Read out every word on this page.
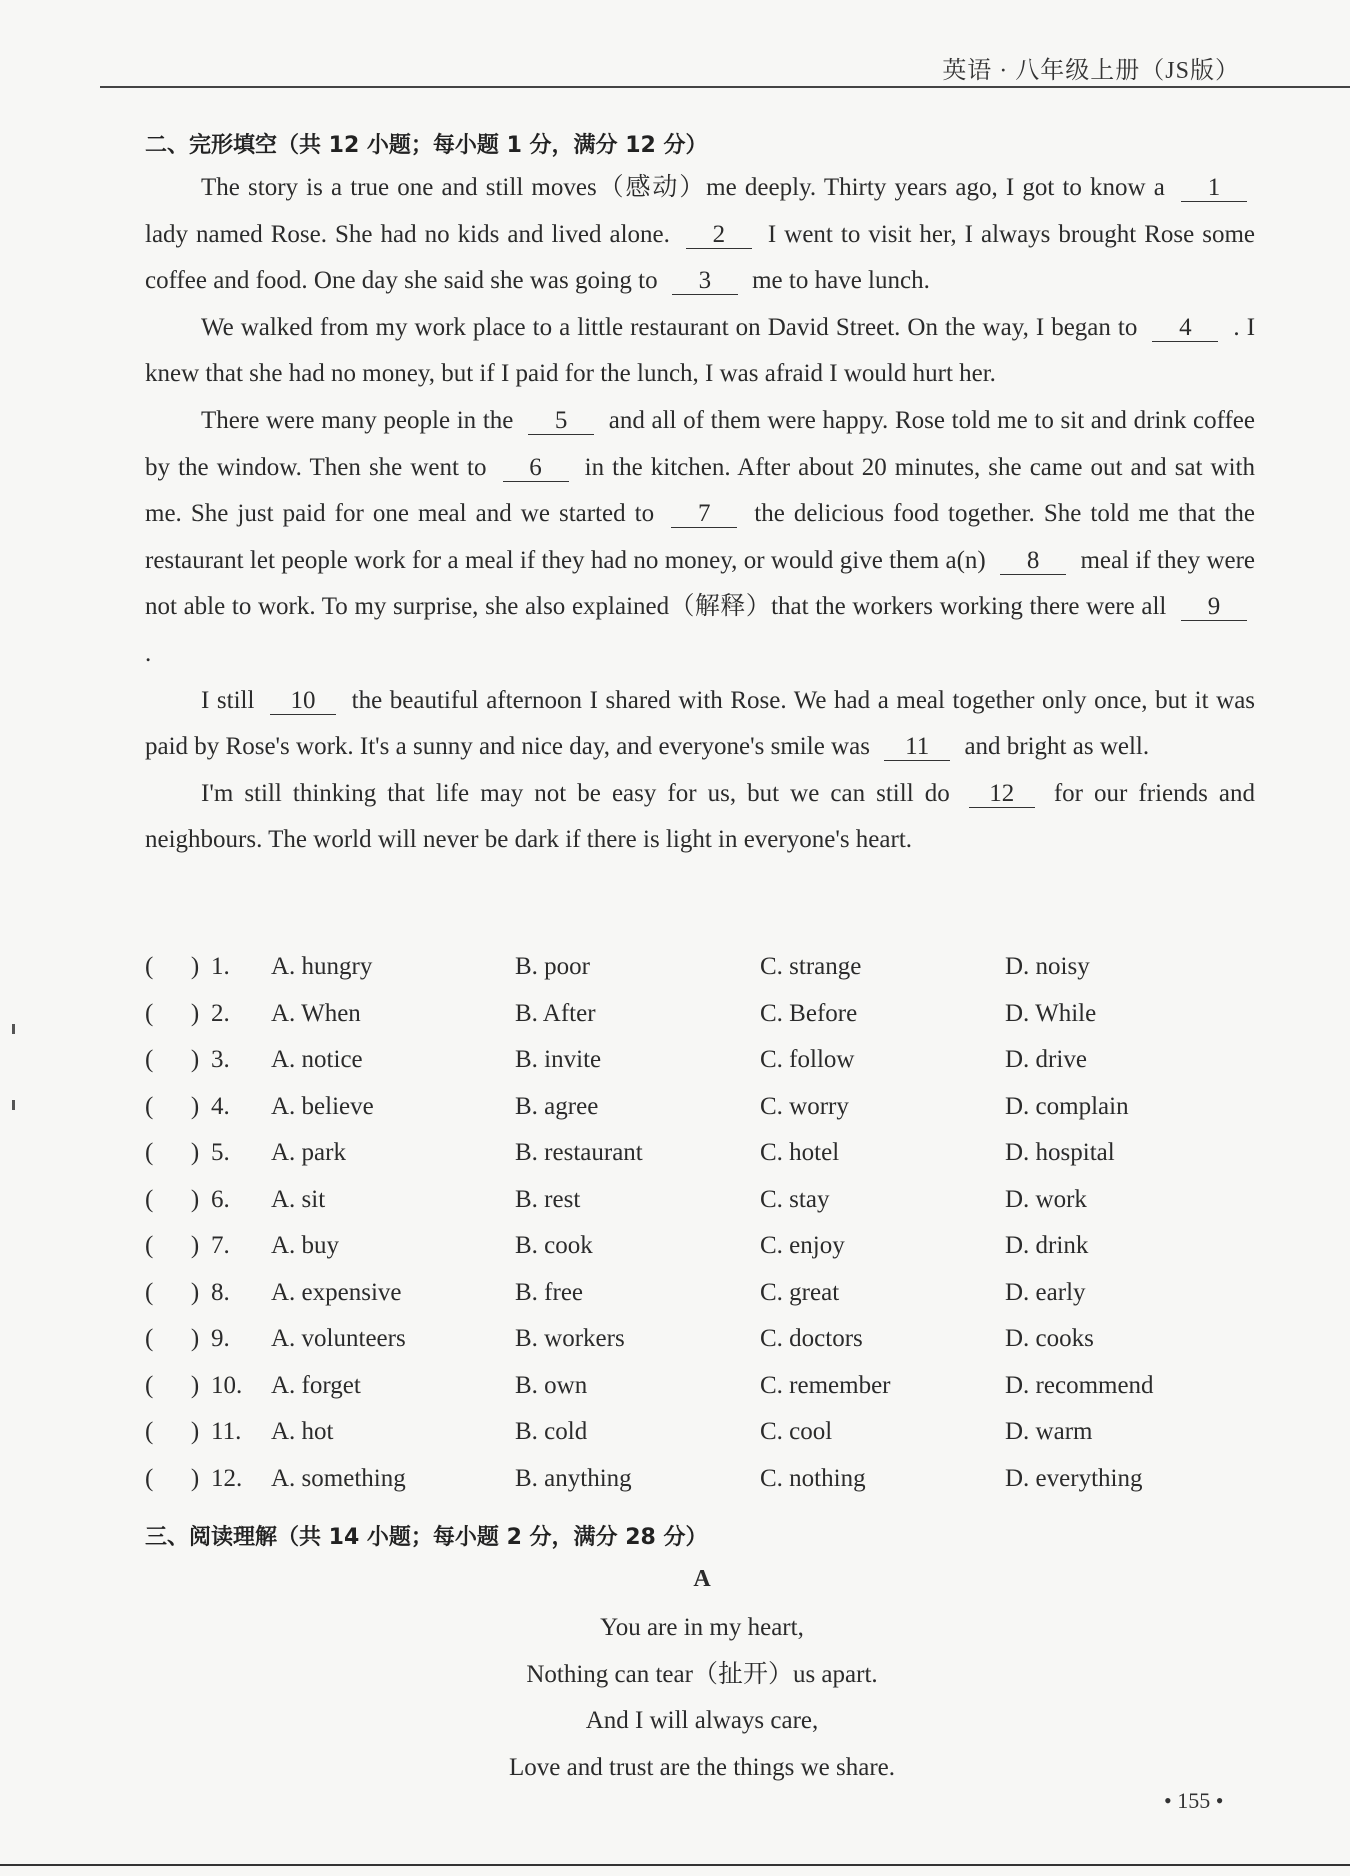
英语 · 八年级上册（JS版）
二、完形填空（共 12 小题；每小题 1 分，满分 12 分）

The story is a true one and still moves（感动）me deeply. Thirty years ago, I got to know a 1 lady named Rose. She had no kids and lived alone. 2 I went to visit her, I always brought Rose some coffee and food. One day she said she was going to 3 me to have lunch.

We walked from my work place to a little restaurant on David Street. On the way, I began to 4 . I knew that she had no money, but if I paid for the lunch, I was afraid I would hurt her.

There were many people in the 5 and all of them were happy. Rose told me to sit and drink coffee by the window. Then she went to 6 in the kitchen. After about 20 minutes, she came out and sat with me. She just paid for one meal and we started to 7 the delicious food together. She told me that the restaurant let people work for a meal if they had no money, or would give them a(n) 8 meal if they were not able to work. To my surprise, she also explained（解释）that the workers working there were all 9 .

I still 10 the beautiful afternoon I shared with Rose. We had a meal together only once, but it was paid by Rose's work. It's a sunny and nice day, and everyone's smile was 11 and bright as well.

I'm still thinking that life may not be easy for us, but we can still do 12 for our friends and neighbours. The world will never be dark if there is light in everyone's heart.

(      ) 1. A. hungry	B. poor	C. strange	D. noisy
(      ) 2. A. When	B. After	C. Before	D. While
(      ) 3. A. notice	B. invite	C. follow	D. drive
(      ) 4. A. believe	B. agree	C. worry	D. complain
(      ) 5. A. park	B. restaurant	C. hotel	D. hospital
(      ) 6. A. sit	B. rest	C. stay	D. work
(      ) 7. A. buy	B. cook	C. enjoy	D. drink
(      ) 8. A. expensive	B. free	C. great	D. early
(      ) 9. A. volunteers	B. workers	C. doctors	D. cooks
(      ) 10. A. forget	B. own	C. remember	D. recommend
(      ) 11. A. hot	B. cold	C. cool	D. warm
(      ) 12. A. something	B. anything	C. nothing	D. everything
三、阅读理解（共 14 小题；每小题 2 分，满分 28 分）
A
You are in my heart,
Nothing can tear（扯开）us apart.
And I will always care,
Love and trust are the things we share.
• 155 •
